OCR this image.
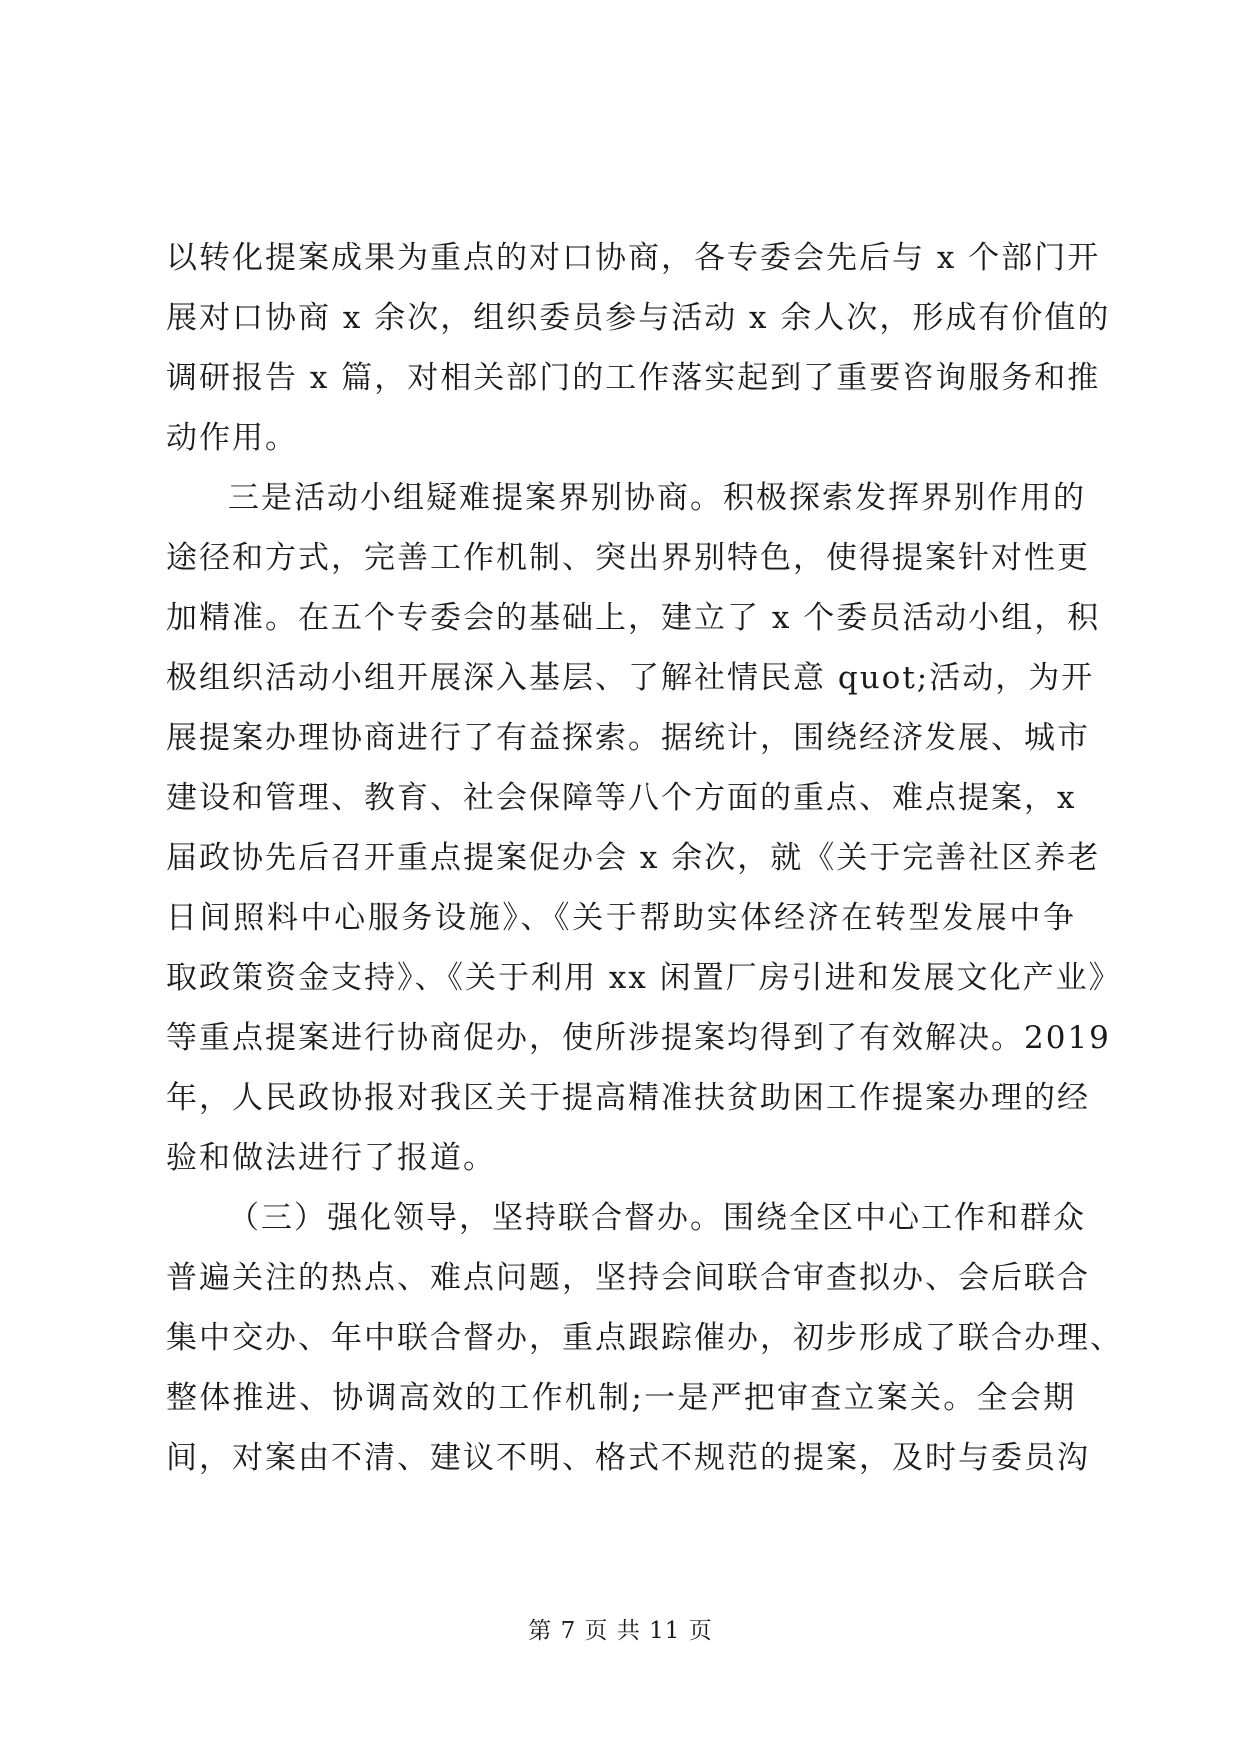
以转化提案成果为重点的对口协商，各专委会先后与 x 个部门开
展对口协商 x 余次，组织委员参与活动 x 余人次，形成有价值的
调研报告 x 篇，对相关部门的工作落实起到了重要咨询服务和推
动作用。
三是活动小组疑难提案界别协商。积极探索发挥界别作用的
途径和方式，完善工作机制、突出界别特色，使得提案针对性更
加精准。在五个专委会的基础上，建立了 x 个委员活动小组，积
极组织活动小组开展深入基层、了解社情民意 quot;活动，为开
展提案办理协商进行了有益探索。据统计，围绕经济发展、城市
建设和管理、教育、社会保障等八个方面的重点、难点提案，x
届政协先后召开重点提案促办会 x 余次，就《关于完善社区养老
日间照料中心服务设施》、《关于帮助实体经济在转型发展中争
取政策资金支持》、《关于利用 xx 闲置厂房引进和发展文化产业》
等重点提案进行协商促办，使所涉提案均得到了有效解决。2019
年，人民政协报对我区关于提高精准扶贫助困工作提案办理的经
验和做法进行了报道。
（三）强化领导，坚持联合督办。围绕全区中心工作和群众
普遍关注的热点、难点问题，坚持会间联合审查拟办、会后联合
集中交办、年中联合督办，重点跟踪催办，初步形成了联合办理、
整体推进、协调高效的工作机制;一是严把审查立案关。全会期
间，对案由不清、建议不明、格式不规范的提案，及时与委员沟
第 7 页 共 11 页
